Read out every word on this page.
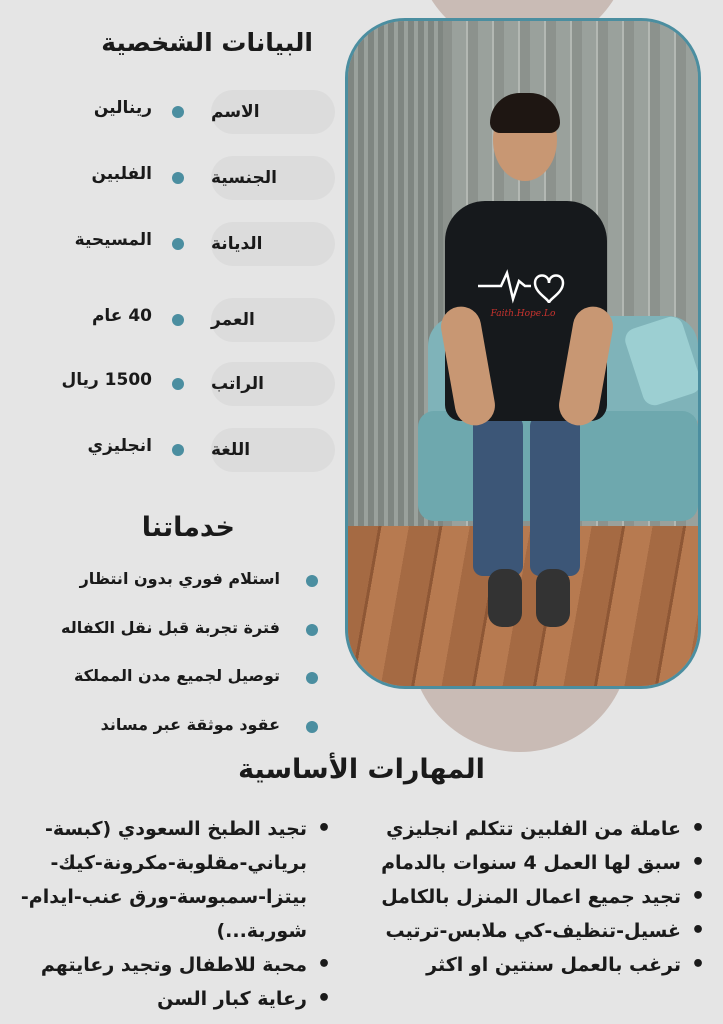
Faith.Hope.Lo
البيانات الشخصية
الاسم
رينالين
الجنسية
الفلبين
الديانة
المسيحية
العمر
40 عام
الراتب
1500 ريال
اللغة
انجليزي
خدماتنا
استلام فوري بدون انتظار
فترة تجربة قبل نقل الكفاله
توصيل لجميع مدن المملكة
عقود موثقة عبر مساند
المهارات الأساسية
• عاملة من الفلبين تتكلم انجليزي
• سبق لها العمل 4 سنوات بالدمام
• تجيد جميع اعمال المنزل بالكامل
• غسيل-تنظيف-كي ملابس-ترتيب
• ترغب بالعمل سنتين او اكثر
• تجيد الطبخ السعودي (كبسة-برياني-مقلوبة-مكرونة-كيك-بيتزا-سمبوسة-ورق عنب-ايدام-شوربة...)
• محبة للاطفال وتجيد رعايتهم
• رعاية كبار السن
